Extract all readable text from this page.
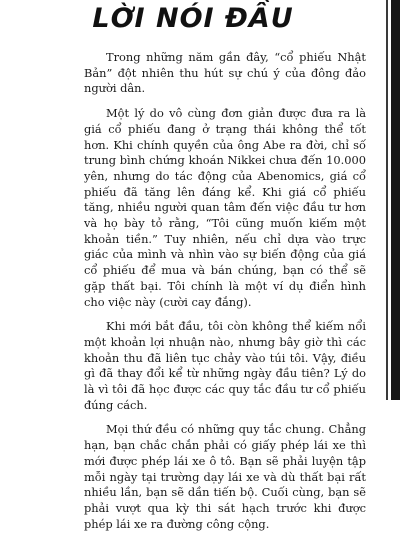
LỜI NÓI ĐẦU

Trong những năm gần đây, “cổ phiếu Nhật Bản” đột nhiên thu hút sự chú ý của đông đảo người dân.

Một lý do vô cùng đơn giản được đưa ra là giá cổ phiếu đang ở trạng thái không thể tốt hơn. Khi chính quyền của ông Abe ra đời, chỉ số trung bình chứng khoán Nikkei chưa đến 10.000 yên, nhưng do tác động của Abenomics, giá cổ phiếu đã tăng lên đáng kể. Khi giá cổ phiếu tăng, nhiều người quan tâm đến việc đầu tư hơn và họ bày tỏ rằng, “Tôi cũng muốn kiếm một khoản tiền.” Tuy nhiên, nếu chỉ dựa vào trực giác của mình và nhìn vào sự biến động của giá cổ phiếu để mua và bán chúng, bạn có thể sẽ gặp thất bại. Tôi chính là một ví dụ điển hình cho việc này (cười cay đắng).

Khi mới bắt đầu, tôi còn không thể kiếm nổi một khoản lợi nhuận nào, nhưng bây giờ thì các khoản thu đã liên tục chảy vào túi tôi. Vậy, điều gì đã thay đổi kể từ những ngày đầu tiên? Lý do là vì tôi đã học được các quy tắc đầu tư cổ phiếu đúng cách.

Mọi thứ đều có những quy tắc chung. Chẳng hạn, bạn chắc chắn phải có giấy phép lái xe thì mới được phép lái xe ô tô. Bạn sẽ phải luyện tập mỗi ngày tại trường dạy lái xe và dù thất bại rất nhiều lần, bạn sẽ dần tiến bộ. Cuối cùng, bạn sẽ phải vượt qua kỳ thi sát hạch trước khi được phép lái xe ra đường công cộng.
